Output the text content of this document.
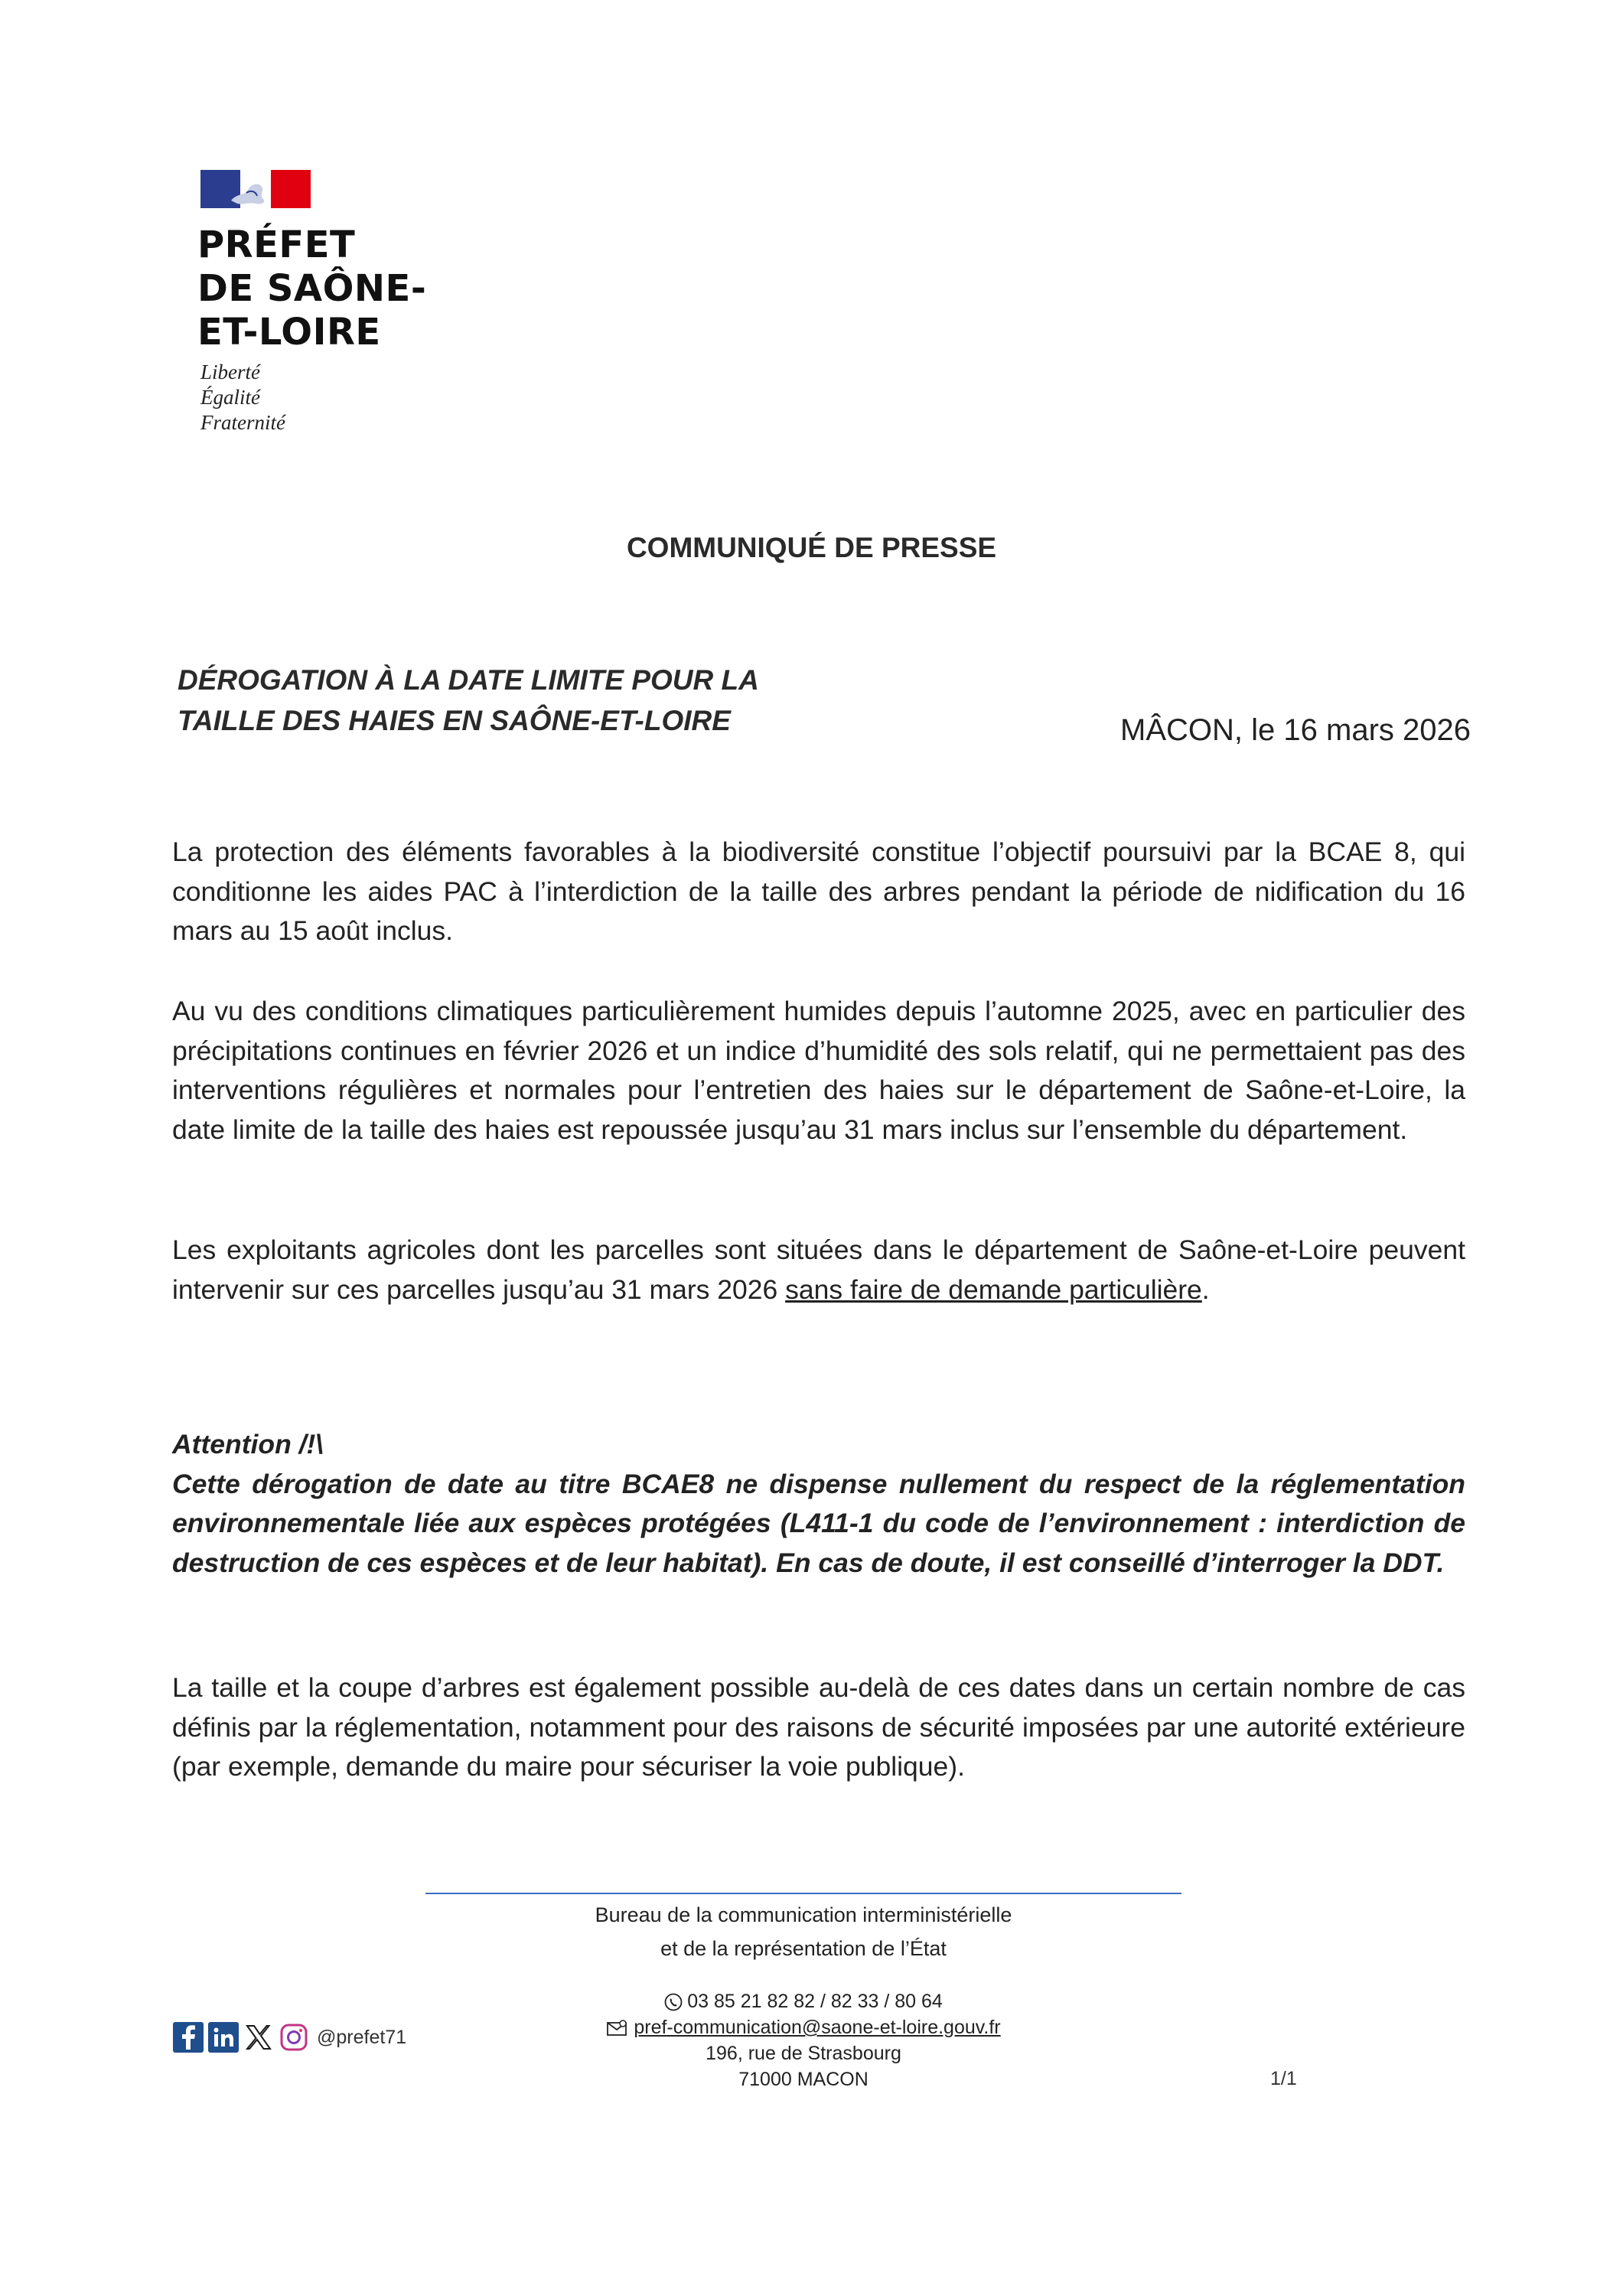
PRÉFET
DE SAÔNE-
ET-LOIRE
Liberté
Égalité
Fraternité
COMMUNIQUÉ DE PRESSE
DÉROGATION À LA DATE LIMITE POUR LA
TAILLE DES HAIES EN SAÔNE-ET-LOIRE	MÂCON, le 16 mars 2026
La protection des éléments favorables à la biodiversité constitue l’objectif poursuivi par la BCAE 8, qui conditionne les aides PAC à l’interdiction de la taille des arbres pendant la période de nidification du 16 mars au 15 août inclus.
Au vu des conditions climatiques particulièrement humides depuis l’automne 2025, avec en particulier des précipitations continues en février 2026 et un indice d’humidité des sols relatif, qui ne permettaient pas des interventions régulières et normales pour l’entretien des haies sur le département de Saône-et-Loire, la date limite de la taille des haies est repoussée jusqu’au 31 mars inclus sur l’ensemble du département.
Les exploitants agricoles dont les parcelles sont situées dans le département de Saône-et-Loire peuvent intervenir sur ces parcelles jusqu’au 31 mars 2026 sans faire de demande particulière.
Attention /!\
Cette dérogation de date au titre BCAE8 ne dispense nullement du respect de la réglementation environnementale liée aux espèces protégées (L411-1 du code de l’environnement : interdiction de destruction de ces espèces et de leur habitat). En cas de doute, il est conseillé d’interroger la DDT.
La taille et la coupe d’arbres est également possible au-delà de ces dates dans un certain nombre de cas définis par la réglementation, notamment pour des raisons de sécurité imposées par une autorité extérieure (par exemple, demande du maire pour sécuriser la voie publique).
Bureau de la communication interministérielle
et de la représentation de l’État
03 85 21 82 82 / 82 33 / 80 64
pref-communication@saone-et-loire.gouv.fr
196, rue de Strasbourg
71000 MACON
@prefet71
1/1
